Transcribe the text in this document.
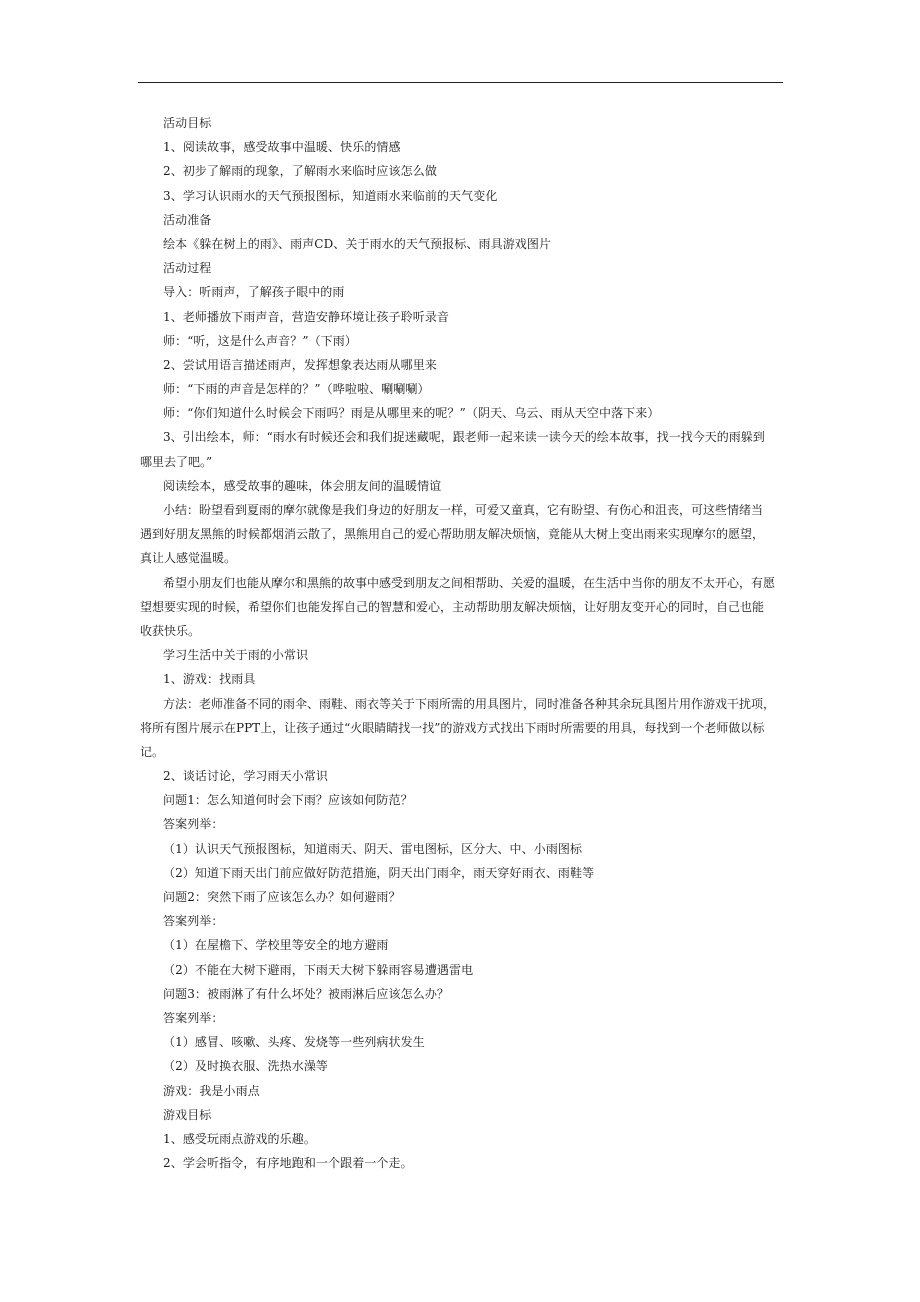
活动目标
1、阅读故事，感受故事中温暖、快乐的情感
2、初步了解雨的现象，了解雨水来临时应该怎么做
3、学习认识雨水的天气预报图标，知道雨水来临前的天气变化
活动准备
绘本《躲在树上的雨》、雨声CD、关于雨水的天气预报标、雨具游戏图片
活动过程
导入：听雨声，了解孩子眼中的雨
1、老师播放下雨声音，营造安静环境让孩子聆听录音
师：“听，这是什么声音？”（下雨）
2、尝试用语言描述雨声，发挥想象表达雨从哪里来
师：“下雨的声音是怎样的？”（哗啦啦、唰唰唰）
师：“你们知道什么时候会下雨吗？雨是从哪里来的呢？”（阴天、乌云、雨从天空中落下来）
3、引出绘本，师：“雨水有时候还会和我们捉迷藏呢，跟老师一起来读一读今天的绘本故事，找一找今天的雨躲到
哪里去了吧。”
阅读绘本，感受故事的趣味，体会朋友间的温暖情谊
小结：盼望看到夏雨的摩尔就像是我们身边的好朋友一样，可爱又童真，它有盼望、有伤心和沮丧，可这些情绪当
遇到好朋友黑熊的时候都烟消云散了，黑熊用自己的爱心帮助朋友解决烦恼，竟能从大树上变出雨来实现摩尔的愿望，
真让人感觉温暖。
希望小朋友们也能从摩尔和黑熊的故事中感受到朋友之间相帮助、关爱的温暖，在生活中当你的朋友不太开心，有愿
望想要实现的时候，希望你们也能发挥自己的智慧和爱心，主动帮助朋友解决烦恼，让好朋友变开心的同时，自己也能
收获快乐。
学习生活中关于雨的小常识
1、游戏：找雨具
方法：老师准备不同的雨伞、雨鞋、雨衣等关于下雨所需的用具图片，同时准备各种其余玩具图片用作游戏干扰项，
将所有图片展示在PPT上，让孩子通过“火眼睛睛找一找”的游戏方式找出下雨时所需要的用具，每找到一个老师做以标
记。
2、谈话讨论，学习雨天小常识
问题1：怎么知道何时会下雨？应该如何防范？
答案列举：
（1）认识天气预报图标，知道雨天、阴天、雷电图标，区分大、中、小雨图标
（2）知道下雨天出门前应做好防范措施，阴天出门雨伞，雨天穿好雨衣、雨鞋等
问题2：突然下雨了应该怎么办？如何避雨？
答案列举：
（1）在屋檐下、学校里等安全的地方避雨
（2）不能在大树下避雨，下雨天大树下躲雨容易遭遇雷电
问题3：被雨淋了有什么坏处？被雨淋后应该怎么办？
答案列举：
（1）感冒、咳嗽、头疼、发烧等一些列病状发生
（2）及时换衣服、洗热水澡等
游戏：我是小雨点
游戏目标
1、感受玩雨点游戏的乐趣。
2、学会听指令，有序地跑和一个跟着一个走。
